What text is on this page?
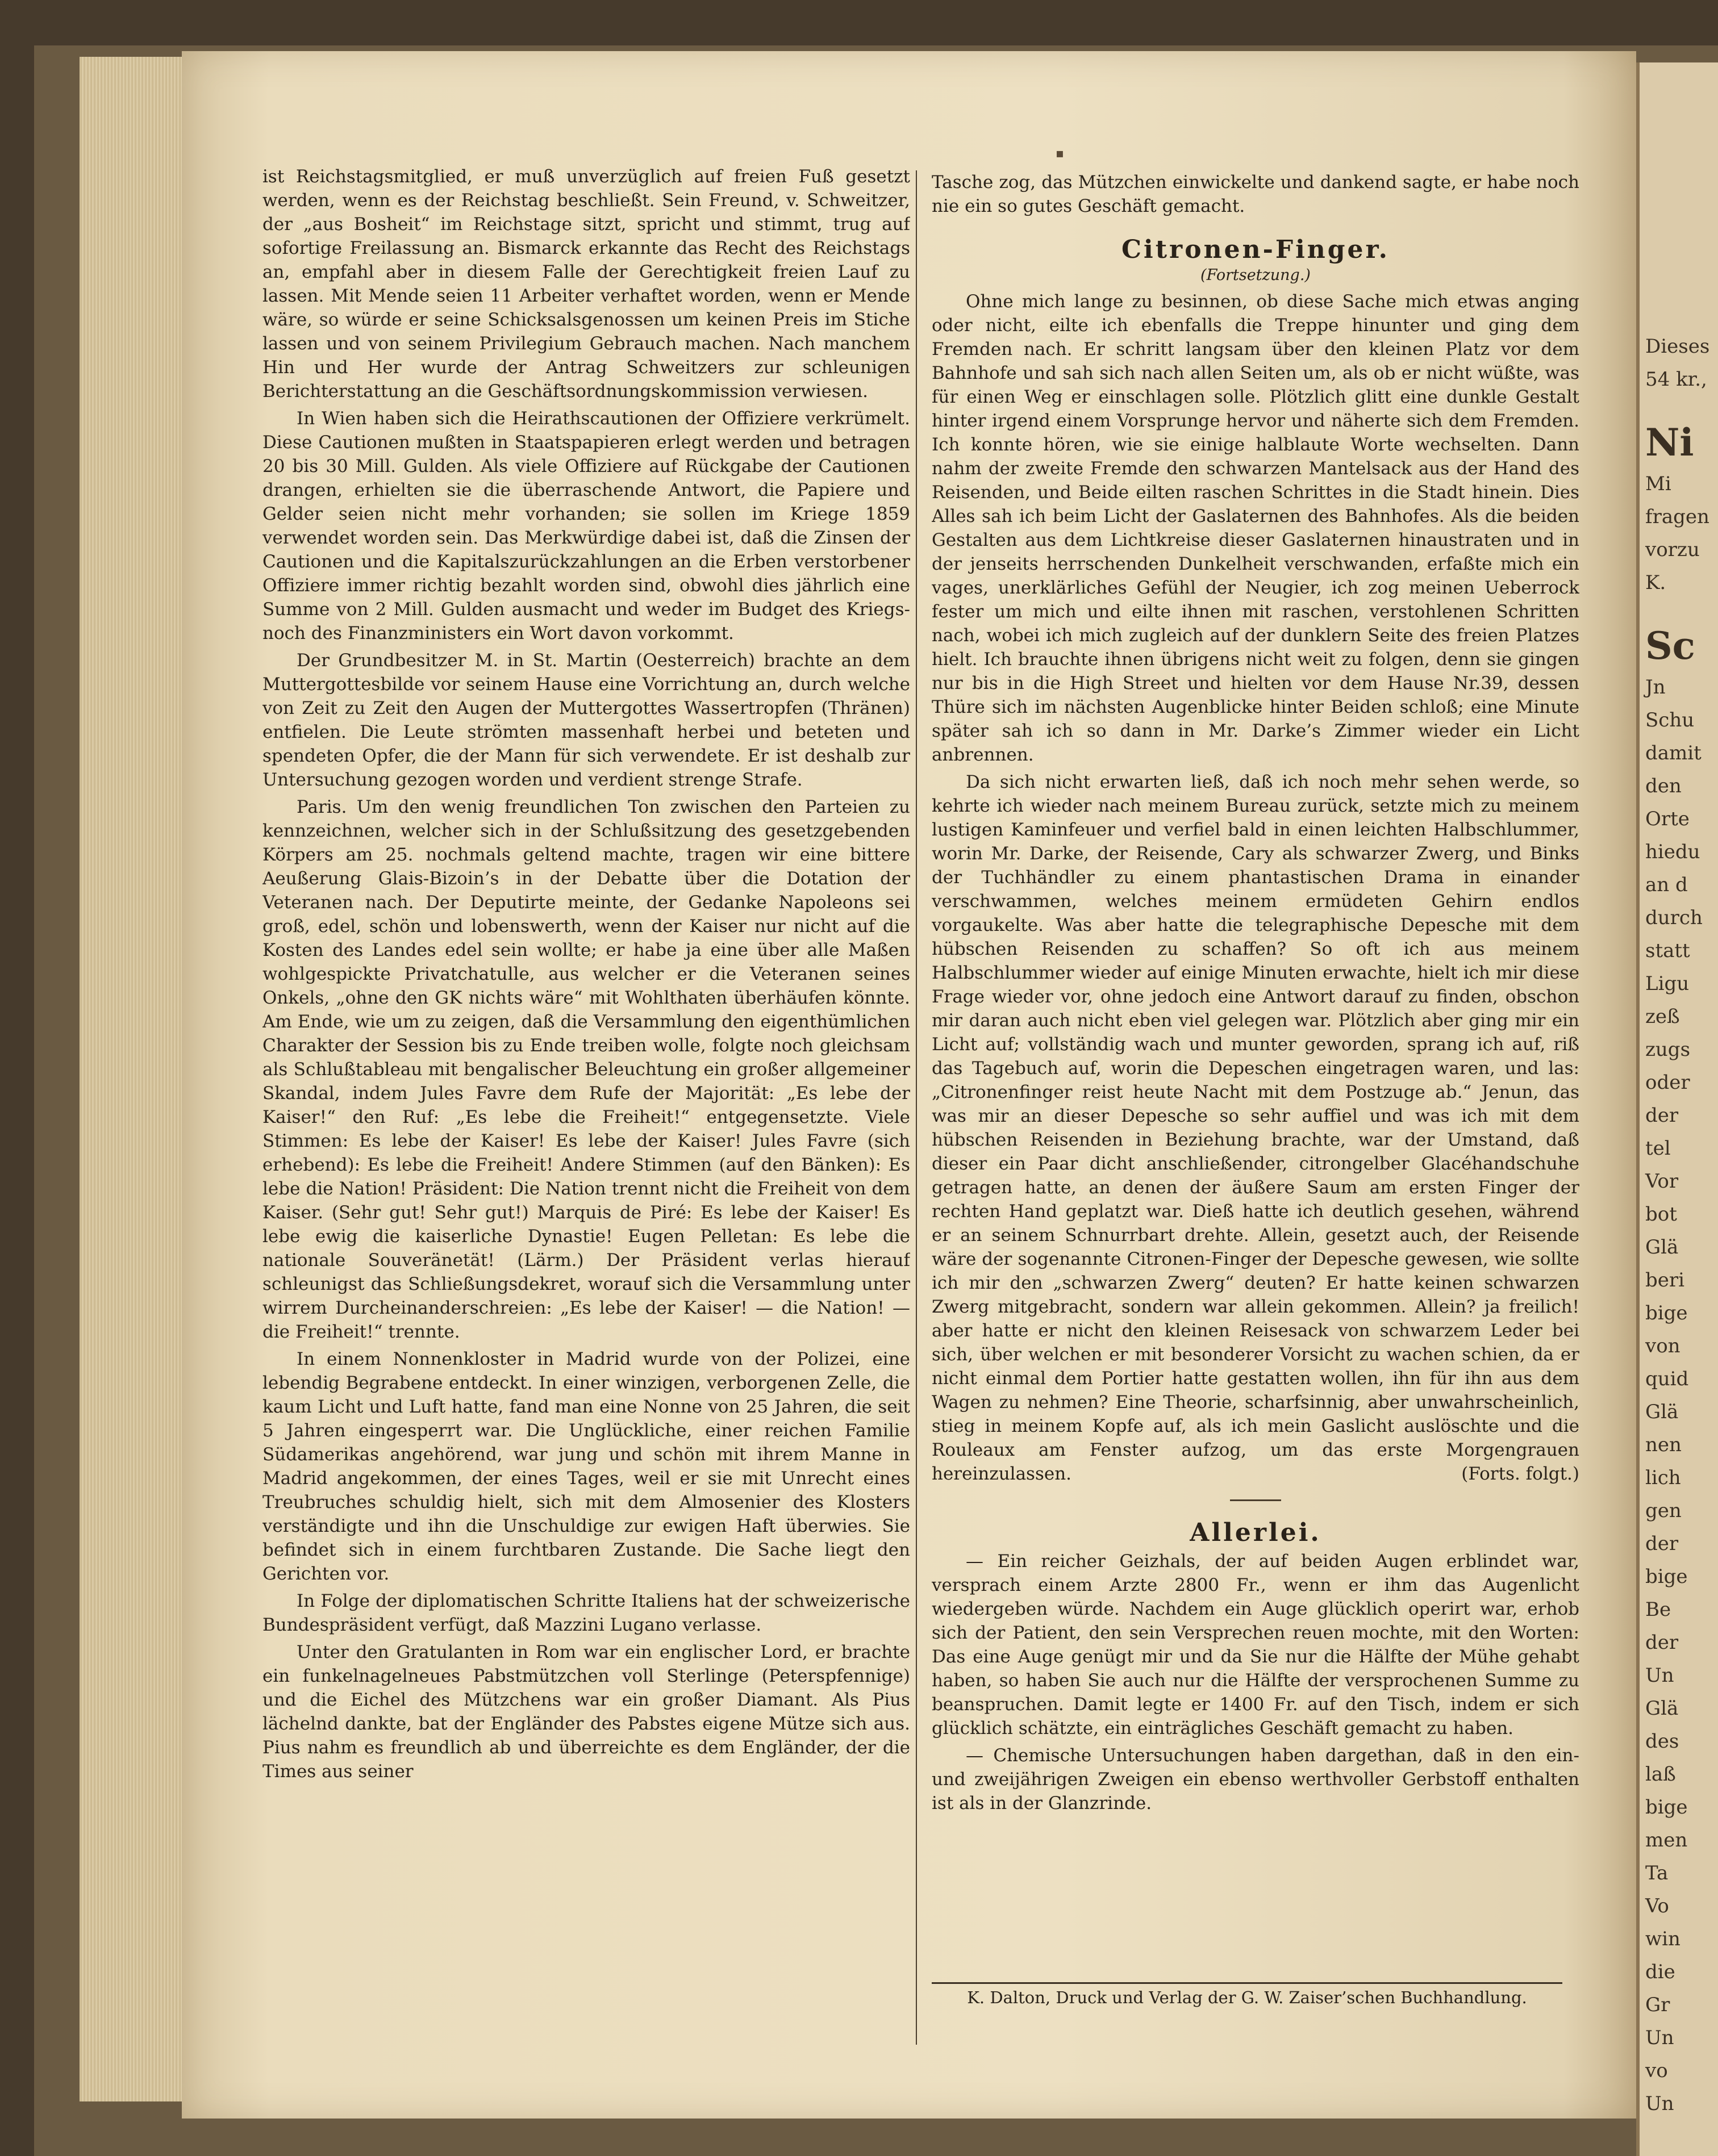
▪

ist Reichstagsmitglied, er muß unverzüglich auf freien Fuß gesetzt werden, wenn es der Reichstag beschließt. Sein Freund, v. Schweitzer, der „aus Bosheit“ im Reichstage sitzt, spricht und stimmt, trug auf sofortige Freilassung an. Bismarck erkannte das Recht des Reichstags an, empfahl aber in diesem Falle der Gerechtigkeit freien Lauf zu lassen. Mit Mende seien 11 Arbeiter verhaftet worden, wenn er Mende wäre, so würde er seine Schicksalsgenossen um keinen Preis im Stiche lassen und von seinem Privilegium Gebrauch machen. Nach manchem Hin und Her wurde der Antrag Schweitzers zur schleunigen Berichterstattung an die Geschäftsordnungskommission verwiesen.

In Wien haben sich die Heirathscautionen der Offiziere verkrümelt. Diese Cautionen mußten in Staatspapieren erlegt werden und betragen 20 bis 30 Mill. Gulden. Als viele Offiziere auf Rückgabe der Cautionen drangen, erhielten sie die überraschende Antwort, die Papiere und Gelder seien nicht mehr vorhanden; sie sollen im Kriege 1859 verwendet worden sein. Das Merkwürdige dabei ist, daß die Zinsen der Cautionen und die Kapitalszurückzahlungen an die Erben verstorbener Offiziere immer richtig bezahlt worden sind, obwohl dies jährlich eine Summe von 2 Mill. Gulden ausmacht und weder im Budget des Kriegs- noch des Finanzministers ein Wort davon vorkommt.

Der Grundbesitzer M. in St. Martin (Oesterreich) brachte an dem Muttergottesbilde vor seinem Hause eine Vorrichtung an, durch welche von Zeit zu Zeit den Augen der Muttergottes Wassertropfen (Thränen) entfielen. Die Leute strömten massenhaft herbei und beteten und spendeten Opfer, die der Mann für sich verwendete. Er ist deshalb zur Untersuchung gezogen worden und verdient strenge Strafe.

Paris. Um den wenig freundlichen Ton zwischen den Parteien zu kennzeichnen, welcher sich in der Schlußsitzung des gesetzgebenden Körpers am 25. nochmals geltend machte, tragen wir eine bittere Aeußerung Glais-Bizoin’s in der Debatte über die Dotation der Veteranen nach. Der Deputirte meinte, der Gedanke Napoleons sei groß, edel, schön und lobenswerth, wenn der Kaiser nur nicht auf die Kosten des Landes edel sein wollte; er habe ja eine über alle Maßen wohlgespickte Privatchatulle, aus welcher er die Veteranen seines Onkels, „ohne den GK nichts wäre“ mit Wohlthaten überhäufen könnte. Am Ende, wie um zu zeigen, daß die Versammlung den eigenthümlichen Charakter der Session bis zu Ende treiben wolle, folgte noch gleichsam als Schlußtableau mit bengalischer Beleuchtung ein großer allgemeiner Skandal, indem Jules Favre dem Rufe der Majorität: „Es lebe der Kaiser!“ den Ruf: „Es lebe die Freiheit!“ entgegensetzte. Viele Stimmen: Es lebe der Kaiser! Es lebe der Kaiser! Jules Favre (sich erhebend): Es lebe die Freiheit! Andere Stimmen (auf den Bänken): Es lebe die Nation! Präsident: Die Nation trennt nicht die Freiheit von dem Kaiser. (Sehr gut! Sehr gut!) Marquis de Piré: Es lebe der Kaiser! Es lebe ewig die kaiserliche Dynastie! Eugen Pelletan: Es lebe die nationale Souveränetät! (Lärm.) Der Präsident verlas hierauf schleunigst das Schließungsdekret, worauf sich die Versammlung unter wirrem Durcheinanderschreien: „Es lebe der Kaiser! — die Nation! — die Freiheit!“ trennte.

In einem Nonnenkloster in Madrid wurde von der Polizei, eine lebendig Begrabene entdeckt. In einer winzigen, verborgenen Zelle, die kaum Licht und Luft hatte, fand man eine Nonne von 25 Jahren, die seit 5 Jahren eingesperrt war. Die Unglückliche, einer reichen Familie Südamerikas angehörend, war jung und schön mit ihrem Manne in Madrid angekommen, der eines Tages, weil er sie mit Unrecht eines Treubruches schuldig hielt, sich mit dem Almosenier des Klosters verständigte und ihn die Unschuldige zur ewigen Haft überwies. Sie befindet sich in einem furchtbaren Zustande. Die Sache liegt den Gerichten vor.

In Folge der diplomatischen Schritte Italiens hat der schweizerische Bundespräsident verfügt, daß Mazzini Lugano verlasse.

Unter den Gratulanten in Rom war ein englischer Lord, er brachte ein funkelnagelneues Pabstmützchen voll Sterlinge (Peterspfennige) und die Eichel des Mützchens war ein großer Diamant. Als Pius lächelnd dankte, bat der Engländer des Pabstes eigene Mütze sich aus. Pius nahm es freundlich ab und überreichte es dem Engländer, der die Times aus seiner

Tasche zog, das Mützchen einwickelte und dankend sagte, er habe noch nie ein so gutes Geschäft gemacht.

Citronen-Finger.
(Fortsetzung.)

Ohne mich lange zu besinnen, ob diese Sache mich etwas anging oder nicht, eilte ich ebenfalls die Treppe hinunter und ging dem Fremden nach. Er schritt langsam über den kleinen Platz vor dem Bahnhofe und sah sich nach allen Seiten um, als ob er nicht wüßte, was für einen Weg er einschlagen solle. Plötzlich glitt eine dunkle Gestalt hinter irgend einem Vorsprunge hervor und näherte sich dem Fremden. Ich konnte hören, wie sie einige halblaute Worte wechselten. Dann nahm der zweite Fremde den schwarzen Mantelsack aus der Hand des Reisenden, und Beide eilten raschen Schrittes in die Stadt hinein. Dies Alles sah ich beim Licht der Gaslaternen des Bahnhofes. Als die beiden Gestalten aus dem Lichtkreise dieser Gaslaternen hinaustraten und in der jenseits herrschenden Dunkelheit verschwanden, erfaßte mich ein vages, unerklärliches Gefühl der Neugier, ich zog meinen Ueberrock fester um mich und eilte ihnen mit raschen, verstohlenen Schritten nach, wobei ich mich zugleich auf der dunklern Seite des freien Platzes hielt. Ich brauchte ihnen übrigens nicht weit zu folgen, denn sie gingen nur bis in die High Street und hielten vor dem Hause Nr.39, dessen Thüre sich im nächsten Augenblicke hinter Beiden schloß; eine Minute später sah ich so dann in Mr. Darke’s Zimmer wieder ein Licht anbrennen.

Da sich nicht erwarten ließ, daß ich noch mehr sehen werde, so kehrte ich wieder nach meinem Bureau zurück, setzte mich zu meinem lustigen Kaminfeuer und verfiel bald in einen leichten Halbschlummer, worin Mr. Darke, der Reisende, Cary als schwarzer Zwerg, und Binks der Tuchhändler zu einem phantastischen Drama in einander verschwammen, welches meinem ermüdeten Gehirn endlos vorgaukelte. Was aber hatte die telegraphische Depesche mit dem hübschen Reisenden zu schaffen? So oft ich aus meinem Halbschlummer wieder auf einige Minuten erwachte, hielt ich mir diese Frage wieder vor, ohne jedoch eine Antwort darauf zu finden, obschon mir daran auch nicht eben viel gelegen war. Plötzlich aber ging mir ein Licht auf; vollständig wach und munter geworden, sprang ich auf, riß das Tagebuch auf, worin die Depeschen eingetragen waren, und las: „Citronenfinger reist heute Nacht mit dem Postzuge ab.“ Jenun, das was mir an dieser Depesche so sehr auffiel und was ich mit dem hübschen Reisenden in Beziehung brachte, war der Umstand, daß dieser ein Paar dicht anschließender, citrongelber Glacéhandschuhe getragen hatte, an denen der äußere Saum am ersten Finger der rechten Hand geplatzt war. Dieß hatte ich deutlich gesehen, während er an seinem Schnurrbart drehte. Allein, gesetzt auch, der Reisende wäre der sogenannte Citronen-Finger der Depesche gewesen, wie sollte ich mir den „schwarzen Zwerg“ deuten? Er hatte keinen schwarzen Zwerg mitgebracht, sondern war allein gekommen. Allein? ja freilich! aber hatte er nicht den kleinen Reisesack von schwarzem Leder bei sich, über welchen er mit besonderer Vorsicht zu wachen schien, da er nicht einmal dem Portier hatte gestatten wollen, ihn für ihn aus dem Wagen zu nehmen? Eine Theorie, scharfsinnig, aber unwahrscheinlich, stieg in meinem Kopfe auf, als ich mein Gaslicht auslöschte und die Rouleaux am Fenster aufzog, um das erste Morgengrauen hereinzulassen.	(Forts. folgt.)
Allerlei.

— Ein reicher Geizhals, der auf beiden Augen erblindet war, versprach einem Arzte 2800 Fr., wenn er ihm das Augenlicht wiedergeben würde. Nachdem ein Auge glücklich operirt war, erhob sich der Patient, den sein Versprechen reuen mochte, mit den Worten: Das eine Auge genügt mir und da Sie nur die Hälfte der Mühe gehabt haben, so haben Sie auch nur die Hälfte der versprochenen Summe zu beanspruchen. Damit legte er 1400 Fr. auf den Tisch, indem er sich glücklich schätzte, ein einträgliches Geschäft gemacht zu haben.

— Chemische Untersuchungen haben dargethan, daß in den ein- und zweijährigen Zweigen ein ebenso werthvoller Gerbstoff enthalten ist als in der Glanzrinde.

K. Dalton, Druck und Verlag der G. W. Zaiser’schen Buchhandlung.
Dieses
54 kr.,
Ni
Mi
fragen
vorzu
K.
Sc
Jn
Schu
damit
den
Orte
hiedu
an d
durch
statt
Ligu
zeß
zugs
oder
der
tel
Vor
bot
Glä
beri
bige
von
quid
Glä
nen
lich
gen
der
bige
Be
der
Un
Glä
des
laß
bige
men
Ta
Vo
win
die
Gr
Un
vo
Un
